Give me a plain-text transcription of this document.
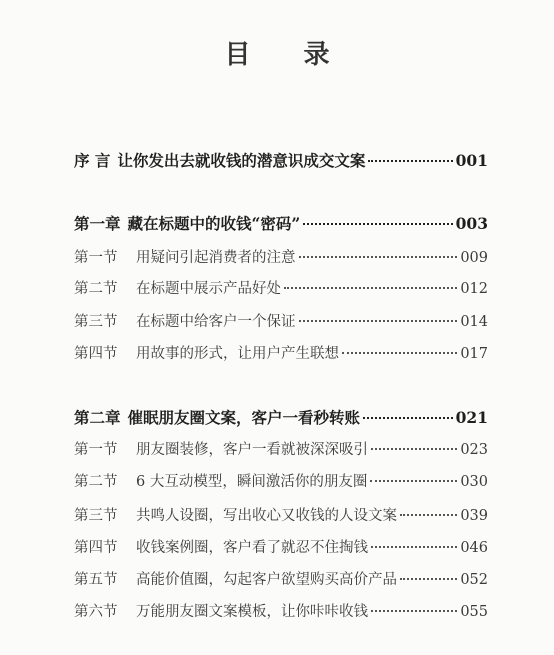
目 录
序 言 让你发出去就收钱的潜意识成交文案	001
第一章 藏在标题中的收钱“密码”	003
第一节	用疑问引起消费者的注意	009
第二节	在标题中展示产品好处	012
第三节	在标题中给客户一个保证	014
第四节	用故事的形式，让用户产生联想	017
第二章 催眠朋友圈文案，客户一看秒转账	021
第一节	朋友圈装修，客户一看就被深深吸引	023
第二节	6 大互动模型，瞬间激活你的朋友圈	030
第三节	共鸣人设圈，写出收心又收钱的人设文案	039
第四节	收钱案例圈，客户看了就忍不住掏钱	046
第五节	高能价值圈，勾起客户欲望购买高价产品	052
第六节	万能朋友圈文案模板，让你咔咔收钱	055
